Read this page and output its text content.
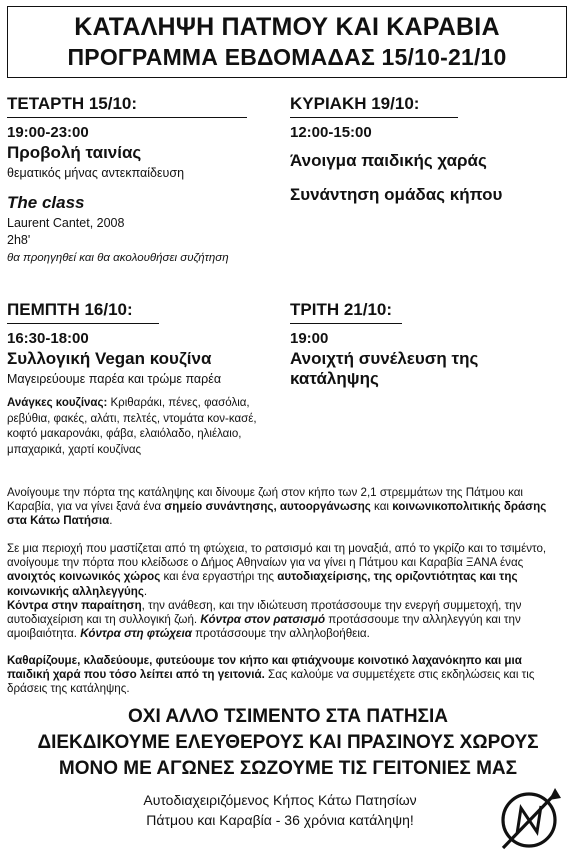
ΚΑΤΑΛΗΨΗ ΠΑΤΜΟΥ ΚΑΙ ΚΑΡΑΒΙΑ
ΠΡΟΓΡΑΜΜΑ ΕΒΔΟΜΑΔΑΣ 15/10-21/10
ΤΕΤΑΡΤΗ 15/10:
19:00-23:00
Προβολή ταινίας
θεματικός μήνας αντεκπαίδευση
The class
Laurent Cantet, 2008
2h8'
θα προηγηθεί και θα ακολουθήσει συζήτηση
ΚΥΡΙΑΚΗ 19/10:
12:00-15:00
Άνοιγμα παιδικής χαράς
Συνάντηση ομάδας κήπου
ΠΕΜΠΤΗ 16/10:
16:30-18:00
Συλλογική Vegan κουζίνα
Μαγειρεύουμε παρέα και τρώμε παρέα
Ανάγκες κουζίνας: Κριθαράκι, πένες, φασόλια,
ρεβύθια, φακές, αλάτι, πελτές, ντομάτα κον-κασέ,
κοφτό μακαρονάκι, φάβα, ελαιόλαδο, ηλιέλαιο,
μπαχαρικά, χαρτί κουζίνας
ΤΡΙΤΗ 21/10:
19:00
Ανοιχτή συνέλευση της
κατάληψης
Ανοίγουμε την πόρτα της κατάληψης και δίνουμε ζωή στον κήπο των 2,1 στρεμμάτων της Πάτμου και Καραβία, για να γίνει ξανά ένα σημείο συνάντησης, αυτοοργάνωσης και κοινωνικοπολιτικής δράσης στα Κάτω Πατήσια.
Σε μια περιοχή που μαστίζεται από τη φτώχεια, το ρατσισμό και τη μοναξιά, από το γκρίζο και το τσιμέντο, ανοίγουμε την πόρτα που κλείδωσε ο Δήμος Αθηναίων για να γίνει η Πάτμου και Καραβία ΞΑΝΑ ένας ανοιχτός κοινωνικός χώρος και ένα εργαστήρι της αυτοδιαχείρισης, της οριζοντιότητας και της κοινωνικής αλληλεγγύης.
Κόντρα στην παραίτηση, την ανάθεση, και την ιδιώτευση προτάσσουμε την ενεργή συμμετοχή, την αυτοδιαχείριση και τη συλλογική ζωή. Κόντρα στον ρατσισμό προτάσσουμε την αλληλεγγύη και την αμοιβαιότητα. Κόντρα στη φτώχεια προτάσσουμε την αλληλοβοήθεια.
Καθαρίζουμε, κλαδεύουμε, φυτεύουμε τον κήπο και φτιάχνουμε κοινοτικό λαχανόκηπο και μια παιδική χαρά που τόσο λείπει από τη γειτονιά. Σας καλούμε να συμμετέχετε στις εκδηλώσεις και τις δράσεις της κατάληψης.
ΟΧΙ ΑΛΛΟ ΤΣΙΜΕΝΤΟ ΣΤΑ ΠΑΤΗΣΙΑ
ΔΙΕΚΔΙΚΟΥΜΕ ΕΛΕΥΘΕΡΟΥΣ ΚΑΙ ΠΡΑΣΙΝΟΥΣ ΧΩΡΟΥΣ
ΜΟΝΟ ΜΕ ΑΓΩΝΕΣ ΣΩΖΟΥΜΕ ΤΙΣ ΓΕΙΤΟΝΙΕΣ ΜΑΣ
Αυτοδιαχειριζόμενος Κήπος Κάτω Πατησίων
Πάτμου και Καραβία - 36 χρόνια κατάληψη!
